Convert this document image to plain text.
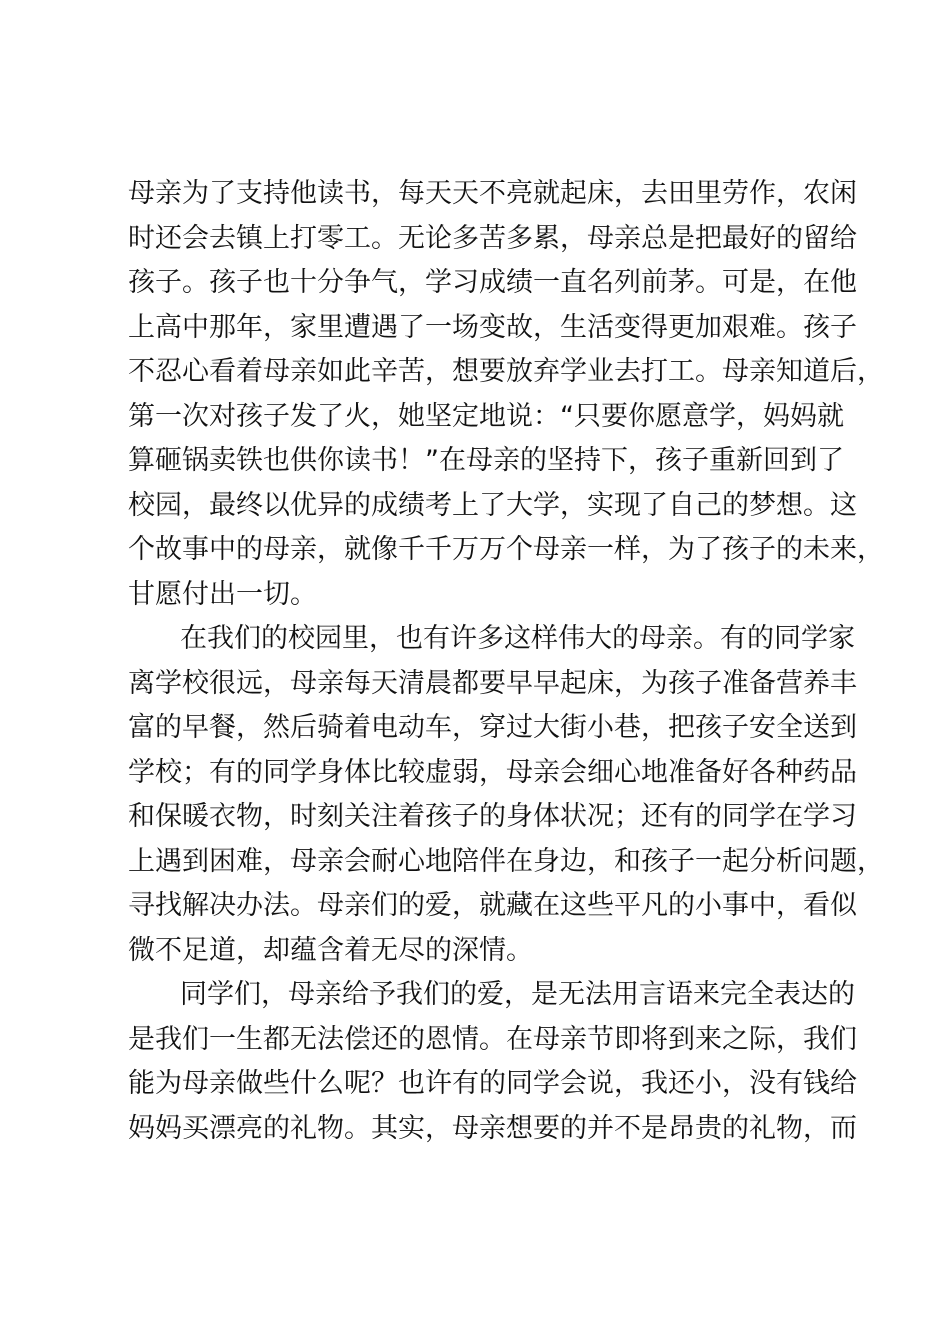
母亲为了支持他读书，每天天不亮就起床，去田里劳作，农闲
时还会去镇上打零工。无论多苦多累，母亲总是把最好的留给
孩子。孩子也十分争气，学习成绩一直名列前茅。可是，在他
上高中那年，家里遭遇了一场变故，生活变得更加艰难。孩子
不忍心看着母亲如此辛苦，想要放弃学业去打工。母亲知道后，
第一次对孩子发了火，她坚定地说：“只要你愿意学，妈妈就
算砸锅卖铁也供你读书！”在母亲的坚持下，孩子重新回到了
校园，最终以优异的成绩考上了大学，实现了自己的梦想。这
个故事中的母亲，就像千千万万个母亲一样，为了孩子的未来，
甘愿付出一切。
在我们的校园里，也有许多这样伟大的母亲。有的同学家
离学校很远，母亲每天清晨都要早早起床，为孩子准备营养丰
富的早餐，然后骑着电动车，穿过大街小巷，把孩子安全送到
学校；有的同学身体比较虚弱，母亲会细心地准备好各种药品
和保暖衣物，时刻关注着孩子的身体状况；还有的同学在学习
上遇到困难，母亲会耐心地陪伴在身边，和孩子一起分析问题，
寻找解决办法。母亲们的爱，就藏在这些平凡的小事中，看似
微不足道，却蕴含着无尽的深情。
同学们，母亲给予我们的爱，是无法用言语来完全表达的
是我们一生都无法偿还的恩情。在母亲节即将到来之际，我们
能为母亲做些什么呢？也许有的同学会说，我还小，没有钱给
妈妈买漂亮的礼物。其实，母亲想要的并不是昂贵的礼物，而
